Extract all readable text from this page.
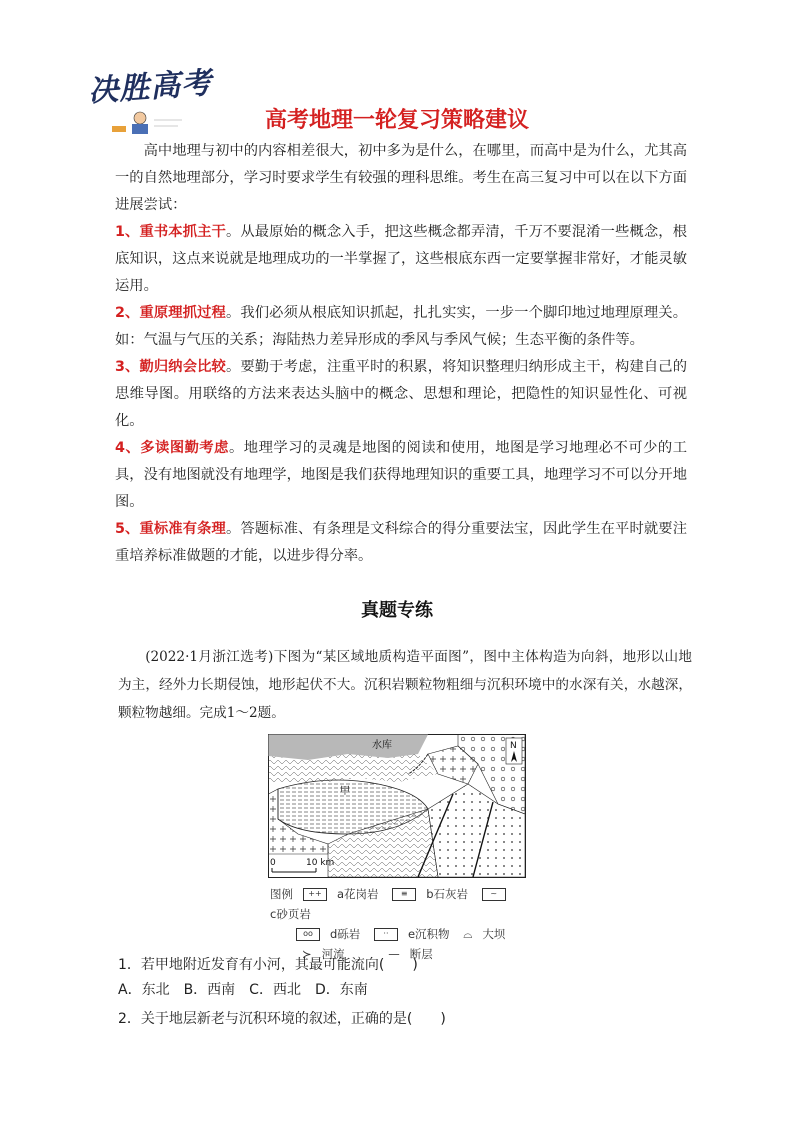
决胜高考
高考地理一轮复习策略建议
高中地理与初中的内容相差很大，初中多为是什么，在哪里，而高中是为什么，尤其高一的自然地理部分，学习时要求学生有较强的理科思维。考生在高三复习中可以在以下方面进展尝试：
1、重书本抓主干。从最原始的概念入手，把这些概念都弄清，千万不要混淆一些概念，根底知识，这点来说就是地理成功的一半掌握了，这些根底东西一定要掌握非常好，才能灵敏运用。
2、重原理抓过程。我们必须从根底知识抓起，扎扎实实，一步一个脚印地过地理原理关。如：气温与气压的关系；海陆热力差异形成的季风与季风气候；生态平衡的条件等。
3、勤归纳会比较。要勤于考虑，注重平时的积累，将知识整理归纳形成主干，构建自己的思维导图。用联络的方法来表达头脑中的概念、思想和理论，把隐性的知识显性化、可视化。
4、多读图勤考虑。地理学习的灵魂是地图的阅读和使用，地图是学习地理必不可少的工具，没有地图就没有地理学，地图是我们获得地理知识的重要工具，地理学习不可以分开地图。
5、重标准有条理。答题标准、有条理是文科综合的得分重要法宝，因此学生在平时就要注重培养标准做题的才能，以进步得分率。
真题专练
(2022·1月浙江选考)下图为“某区域地质构造平面图”，图中主体构造为向斜，地形以山地为主，经外力长期侵蚀，地形起伏不大。沉积岩颗粒物粗细与沉积环境中的水深有关，水越深，颗粒物越细。完成1～2题。
水库
甲
N
0	10 km
图例 ++ a花岗岩	≡ b石灰岩	~c砂页岩
oo d砾岩	·· e沉积物 ⌓ 大坝
≻ 河流	— 断层
1．若甲地附近发育有小河，其最可能流向(　　)
A．东北　B．西南　C．西北　D．东南
2．关于地层新老与沉积环境的叙述，正确的是(　　)
